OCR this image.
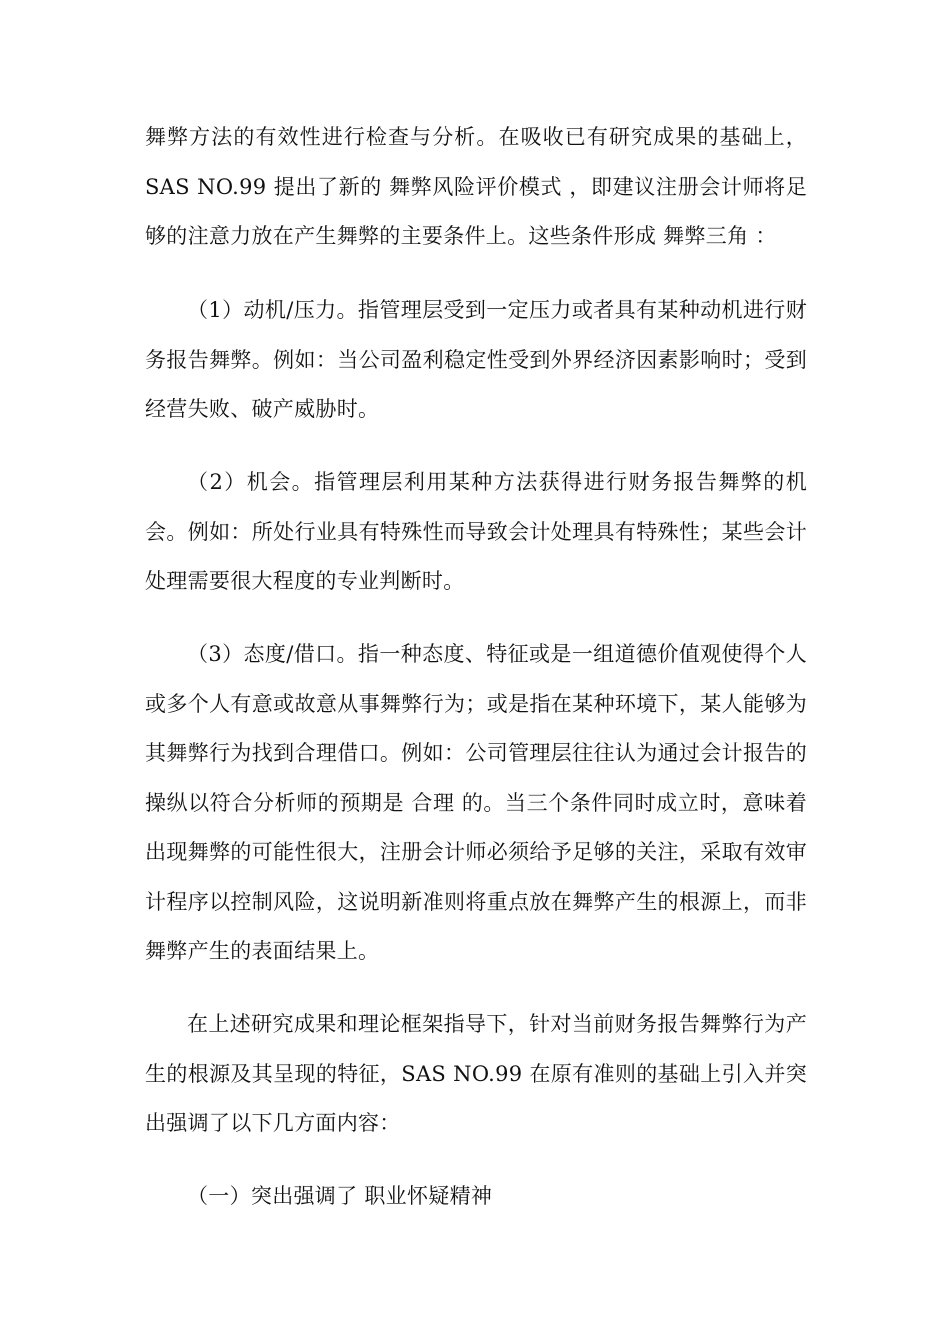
舞弊方法的有效性进行检查与分析。在吸收已有研究成果的基础上，SAS NO.99 提出了新的 舞弊风险评价模式 ，即建议注册会计师将足够的注意力放在产生舞弊的主要条件上。这些条件形成 舞弊三角 ：

（1）动机/压力。指管理层受到一定压力或者具有某种动机进行财务报告舞弊。例如：当公司盈利稳定性受到外界经济因素影响时；受到经营失败、破产威胁时。

（2）机会。指管理层利用某种方法获得进行财务报告舞弊的机会。例如：所处行业具有特殊性而导致会计处理具有特殊性；某些会计处理需要很大程度的专业判断时。

（3）态度/借口。指一种态度、特征或是一组道德价值观使得个人或多个人有意或故意从事舞弊行为；或是指在某种环境下，某人能够为其舞弊行为找到合理借口。例如：公司管理层往往认为通过会计报告的操纵以符合分析师的预期是 合理 的。当三个条件同时成立时，意味着出现舞弊的可能性很大，注册会计师必须给予足够的关注，采取有效审计程序以控制风险，这说明新准则将重点放在舞弊产生的根源上，而非舞弊产生的表面结果上。

在上述研究成果和理论框架指导下，针对当前财务报告舞弊行为产生的根源及其呈现的特征，SAS NO.99 在原有准则的基础上引入并突出强调了以下几方面内容：

（一）突出强调了 职业怀疑精神
